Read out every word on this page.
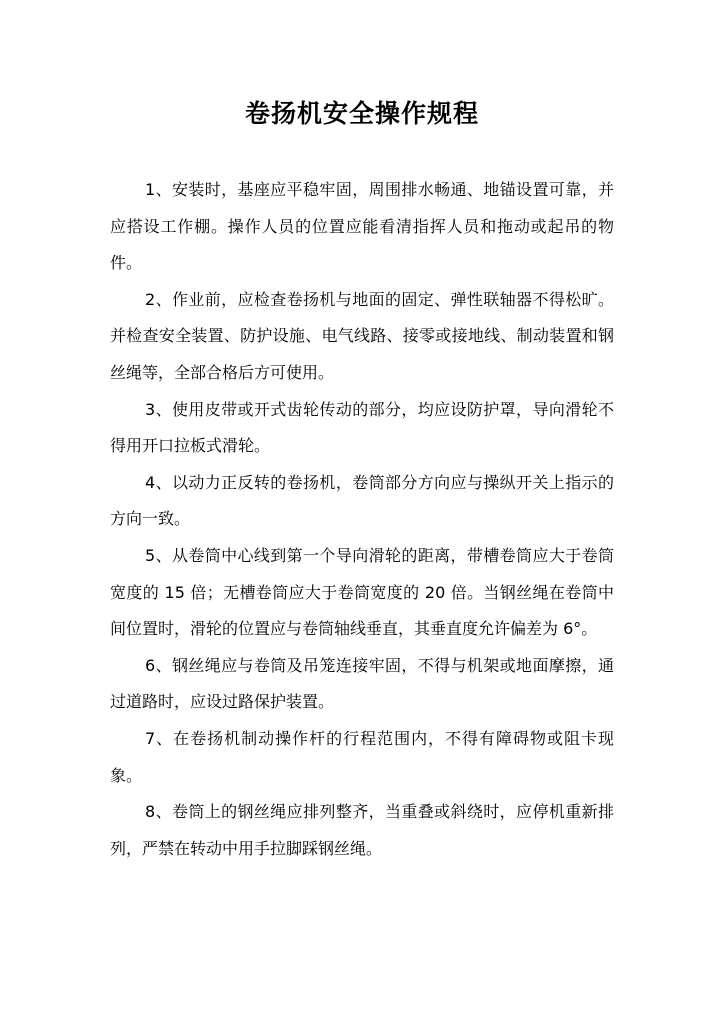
卷扬机安全操作规程

1、安装时，基座应平稳牢固，周围排水畅通、地锚设置可靠，并应搭设工作棚。操作人员的位置应能看清指挥人员和拖动或起吊的物件。

2、作业前，应检查卷扬机与地面的固定、弹性联轴器不得松旷。并检查安全装置、防护设施、电气线路、接零或接地线、制动装置和钢丝绳等，全部合格后方可使用。

3、使用皮带或开式齿轮传动的部分，均应设防护罩，导向滑轮不得用开口拉板式滑轮。

4、以动力正反转的卷扬机，卷筒部分方向应与操纵开关上指示的方向一致。

5、从卷筒中心线到第一个导向滑轮的距离，带槽卷筒应大于卷筒宽度的 15 倍；无槽卷筒应大于卷筒宽度的 20 倍。当钢丝绳在卷筒中间位置时，滑轮的位置应与卷筒轴线垂直，其垂直度允许偏差为 6°。

6、钢丝绳应与卷筒及吊笼连接牢固，不得与机架或地面摩擦，通过道路时，应设过路保护装置。

7、在卷扬机制动操作杆的行程范围内，不得有障碍物或阻卡现象。

8、卷筒上的钢丝绳应排列整齐，当重叠或斜绕时，应停机重新排列，严禁在转动中用手拉脚踩钢丝绳。
